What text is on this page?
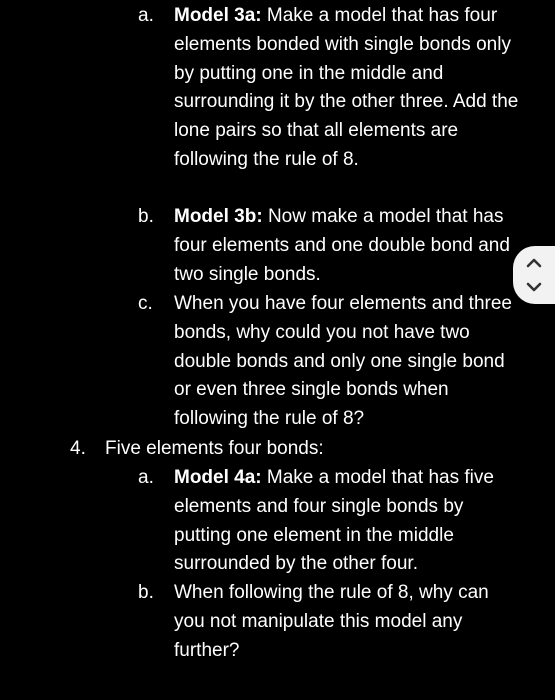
a. Model 3a: Make a model that has four elements bonded with single bonds only by putting one in the middle and surrounding it by the other three. Add the lone pairs so that all elements are following the rule of 8.
b. Model 3b: Now make a model that has four elements and one double bond and two single bonds.
c. When you have four elements and three bonds, why could you not have two double bonds and only one single bond or even three single bonds when following the rule of 8?
4. Five elements four bonds:
a. Model 4a: Make a model that has five elements and four single bonds by putting one element in the middle surrounded by the other four.
b. When following the rule of 8, why can you not manipulate this model any further?
